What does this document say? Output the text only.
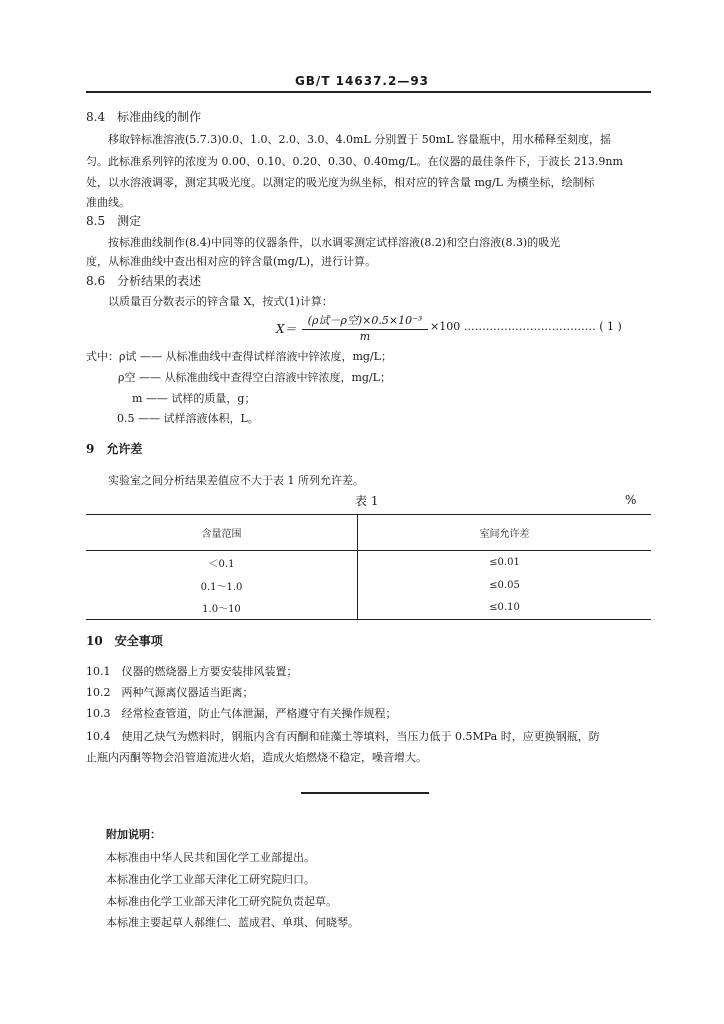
GB/T 14637.2—93
8.4　标准曲线的制作
移取锌标准溶液(5.7.3)0.0、1.0、2.0、3.0、4.0mL 分别置于 50mL 容量瓶中，用水稀释至刻度，摇
匀。此标准系列锌的浓度为 0.00、0.10、0.20、0.30、0.40mg/L。在仪器的最佳条件下，于波长 213.9nm
处，以水溶液调零，测定其吸光度。以测定的吸光度为纵坐标，相对应的锌含量 mg/L 为横坐标，绘制标
准曲线。
8.5　测定
按标准曲线制作(8.4)中同等的仪器条件，以水调零测定试样溶液(8.2)和空白溶液(8.3)的吸光
度，从标准曲线中查出相对应的锌含量(mg/L)，进行计算。
8.6　分析结果的表述
以质量百分数表示的锌含量 X，按式(1)计算：
X＝
(ρ试－ρ空)×0.5×10⁻³
m
×100 ……………………………… ( 1 )
式中：ρ试 —— 从标准曲线中查得试样溶液中锌浓度，mg/L；
ρ空 —— 从标准曲线中查得空白溶液中锌浓度，mg/L；
m —— 试样的质量，g；
0.5 —— 试样溶液体积，L。
9　允许差
实验室之间分析结果差值应不大于表 1 所列允许差。
表 1	%
含量范围	室间允许差
＜0.1	≤0.01
0.1～1.0	≤0.05
1.0～10	≤0.10
10　安全事项
10.1　仪器的燃烧器上方要安装排风装置；
10.2　两种气源离仪器适当距离；
10.3　经常检查管道，防止气体泄漏，严格遵守有关操作规程；
10.4　使用乙炔气为燃料时，钢瓶内含有丙酮和硅藻土等填料，当压力低于 0.5MPa 时，应更换钢瓶，防
止瓶内丙酮等物会沿管道流进火焰，造成火焰燃烧不稳定，噪音增大。
附加说明：
本标准由中华人民共和国化学工业部提出。
本标准由化学工业部天津化工研究院归口。
本标准由化学工业部天津化工研究院负责起草。
本标准主要起草人郝维仁、蓝成君、单琪、何晓琴。
